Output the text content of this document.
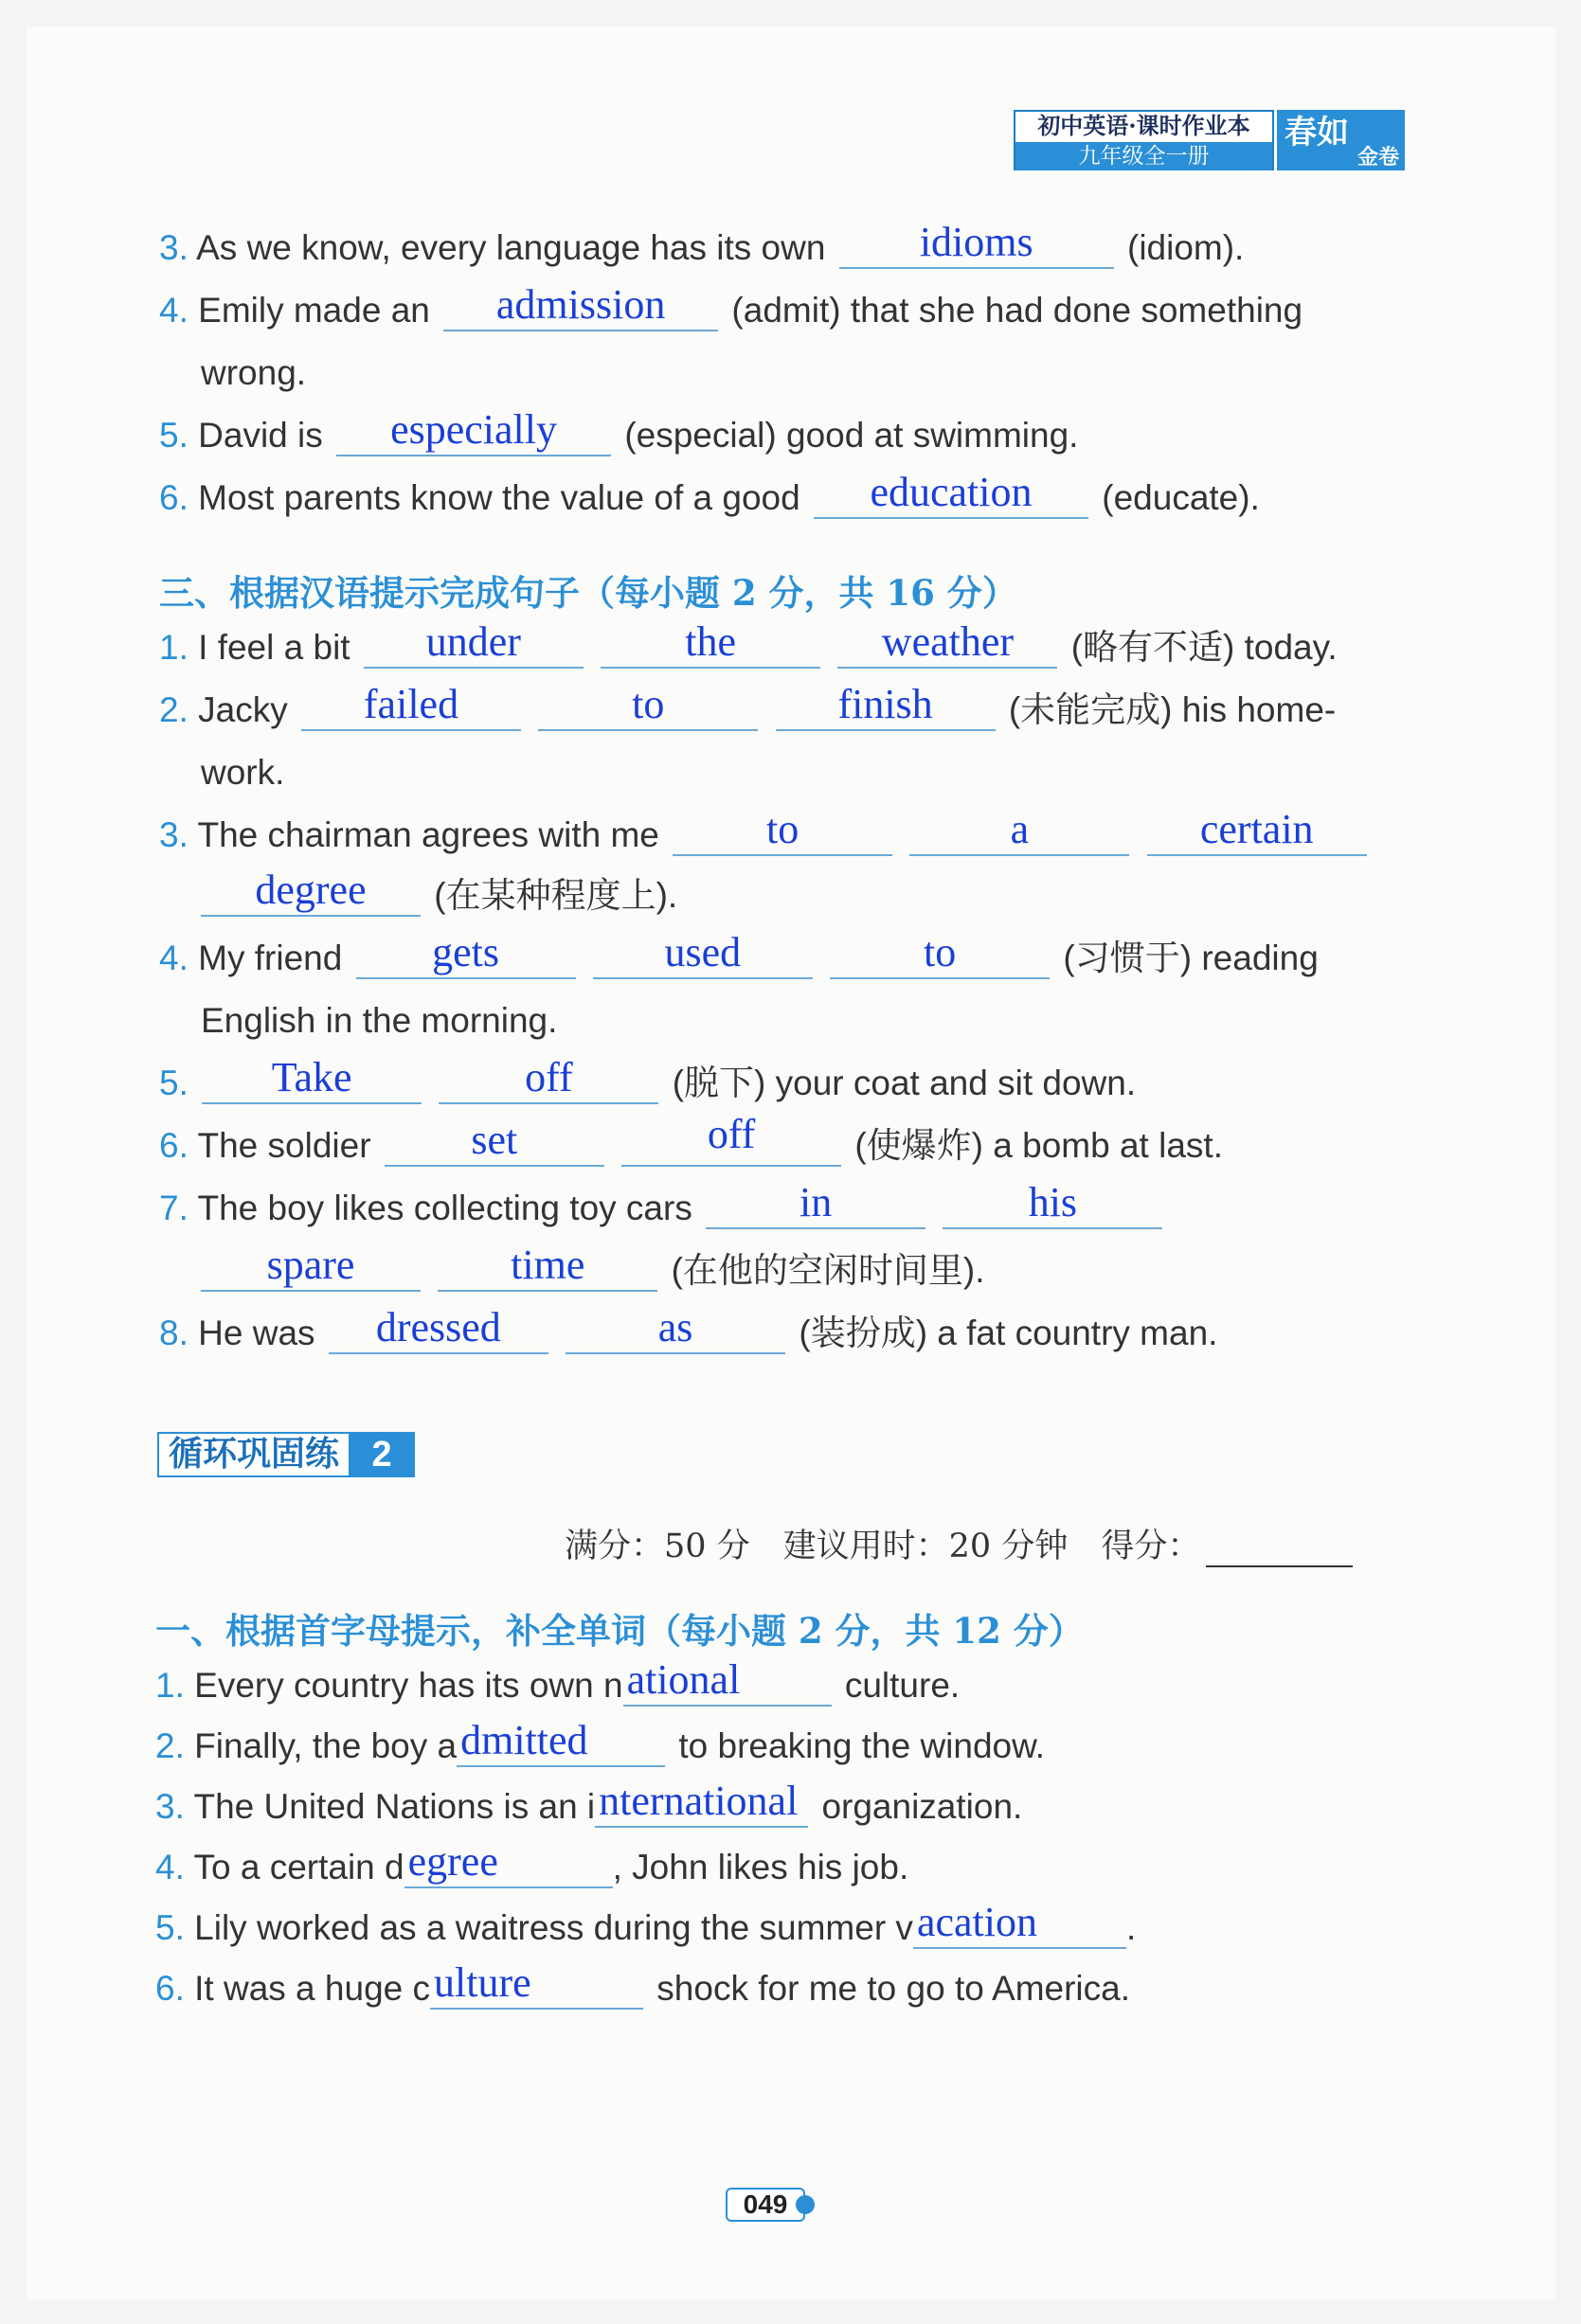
初中英语·课时作业本
九年级全一册
春如
金卷
3. As we know, every language has its own	idioms	(idiom).
4. Emily made an	admission	(admit) that she had done something
wrong.
5. David is	especially	(especial) good at swimming.
6. Most parents know the value of a good	education	(educate).
三、根据汉语提示完成句子（每小题 2 分，共 16 分）
1. I feel a bit	under
	the
	weather	(略有不适) today.
2. Jacky	failed
	to
	finish	(未能完成) his home-
work.
3. The chairman agrees with me	to
	a
	certain
degree	(在某种程度上).
4. My friend	gets
	used
	to	(习惯于) reading
English in the morning.
5.	Take
	off	(脱下) your coat and sit down.
6. The soldier	set
	off	(使爆炸) a bomb at last.
7. The boy likes collecting toy cars	in
	his
spare
	time	(在他的空闲时间里).
8. He was	dressed
	as	(装扮成) a fat country man.
循环巩固练 2
满分：50 分　建议用时：20 分钟　得分：
一、根据首字母提示，补全单词（每小题 2 分，共 12 分）
1. Every country has its own n ational	culture.
2. Finally, the boy a dmitted	to breaking the window.
3. The United Nations is an i nternational organization.
4. To a certain d egree	, John likes his job.
5. Lily worked as a waitress during the summer v acation	.
6. It was a huge c ulture	shock for me to go to America.
049
